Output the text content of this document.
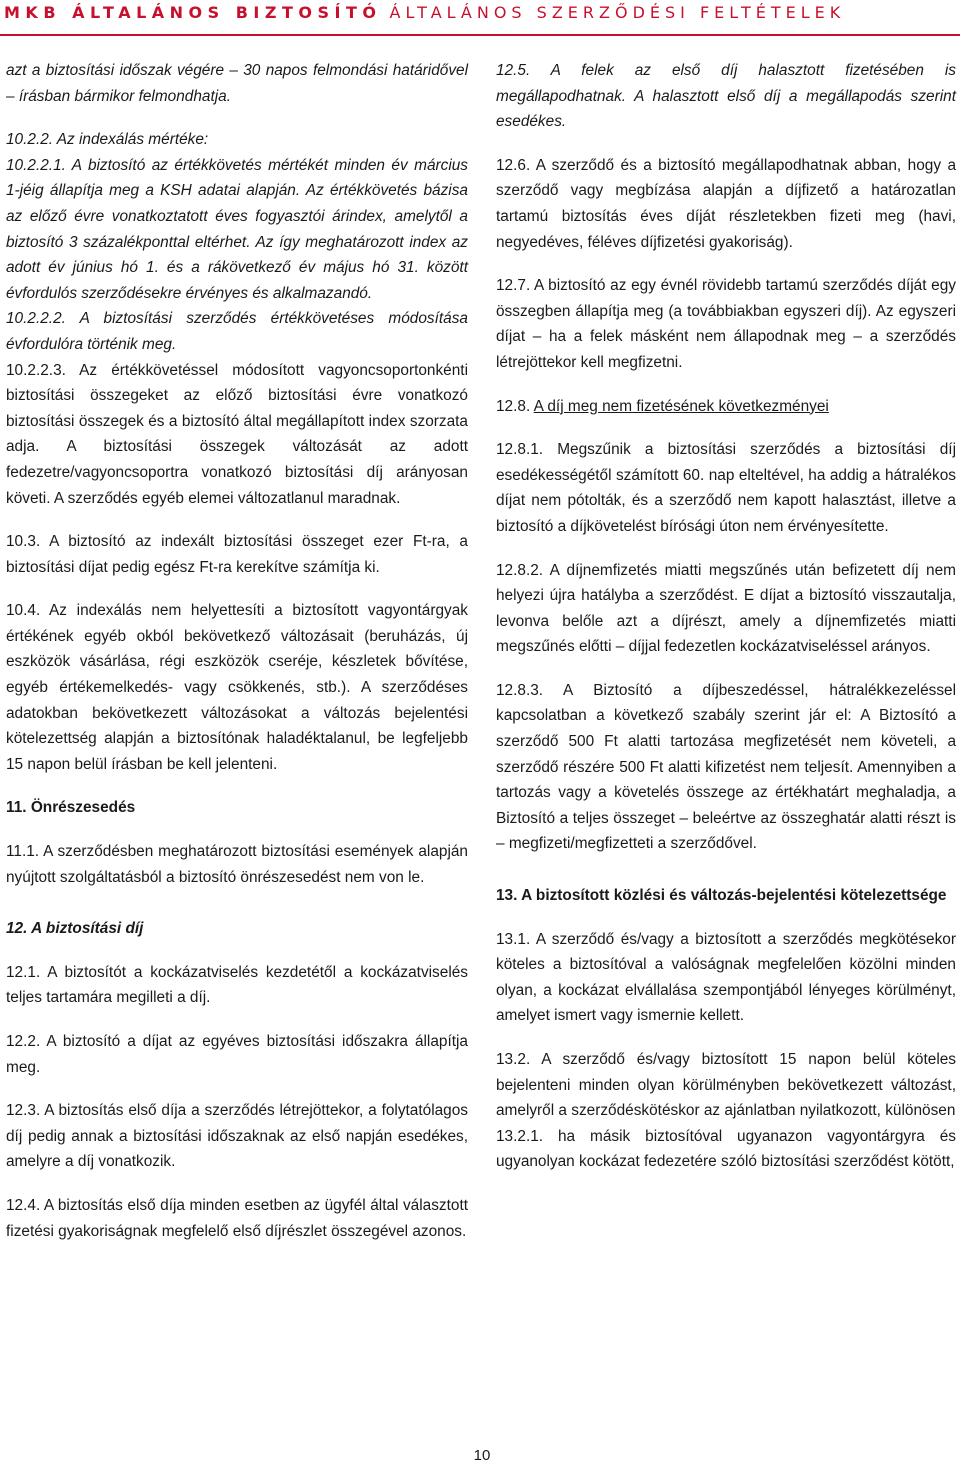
MKB ÁLTALÁNOS BIZTOSÍTÓ ÁLTALÁNOS SZERZŐDÉSI FELTÉTELEK

azt a biztosítási időszak végére – 30 napos felmondási határidővel – írásban bármikor felmondhatja.

10.2.2. Az indexálás mértéke:

10.2.2.1. A biztosító az értékkövetés mértékét minden év március 1-jéig állapítja meg a KSH adatai alapján. Az értékkövetés bázisa az előző évre vonatkoztatott éves fogyasztói árindex, amelytől a biztosító 3 százalékponttal eltérhet. Az így meghatározott index az adott év június hó 1. és a rákövetkező év május hó 31. között évfordulós szerződésekre érvényes és alkalmazandó.

10.2.2.2. A biztosítási szerződés értékkövetéses módosítása évfordulóra történik meg.

10.2.2.3. Az értékkövetéssel módosított vagyoncsoportonkénti biztosítási összegeket az előző biztosítási évre vonatkozó biztosítási összegek és a biztosító által megállapított index szorzata adja. A biztosítási összegek változását az adott fedezetre/vagyoncsoportra vonatkozó biztosítási díj arányosan követi. A szerződés egyéb elemei változatlanul maradnak.

10.3. A biztosító az indexált biztosítási összeget ezer Ft-ra, a biztosítási díjat pedig egész Ft-ra kerekítve számítja ki.

10.4. Az indexálás nem helyettesíti a biztosított vagyontárgyak értékének egyéb okból bekövetkező változásait (beruházás, új eszközök vásárlása, régi eszközök cseréje, készletek bővítése, egyéb értékemelkedés- vagy csökkenés, stb.). A szerződéses adatokban bekövetkezett változásokat a változás bejelentési kötelezettség alapján a biztosítónak haladéktalanul, be legfeljebb 15 napon belül írásban be kell jelenteni.

11. Önrészesedés

11.1. A szerződésben meghatározott biztosítási események alapján nyújtott szolgáltatásból a biztosító önrészesedést nem von le.

12. A biztosítási díj

12.1. A biztosítót a kockázatviselés kezdetétől a kockázatviselés teljes tartamára megilleti a díj.

12.2. A biztosító a díjat az egyéves biztosítási időszakra állapítja meg.

12.3. A biztosítás első díja a szerződés létrejöttekor, a folytatólagos díj pedig annak a biztosítási időszaknak az első napján esedékes, amelyre a díj vonatkozik.

12.4. A biztosítás első díja minden esetben az ügyfél által választott fizetési gyakoriságnak megfelelő első díjrészlet összegével azonos.

12.5. A felek az első díj halasztott fizetésében is megállapodhatnak. A halasztott első díj a megállapodás szerint esedékes.

12.6. A szerződő és a biztosító megállapodhatnak abban, hogy a szerződő vagy megbízása alapján a díjfizető a határozatlan tartamú biztosítás éves díját részletekben fizeti meg (havi, negyedéves, féléves díjfizetési gyakoriság).

12.7. A biztosító az egy évnél rövidebb tartamú szerződés díját egy összegben állapítja meg (a továbbiakban egyszeri díj). Az egyszeri díjat – ha a felek másként nem állapodnak meg – a szerződés létrejöttekor kell megfizetni.

12.8. A díj meg nem fizetésének következményei

12.8.1. Megszűnik a biztosítási szerződés a biztosítási díj esedékességétől számított 60. nap elteltével, ha addig a hátralékos díjat nem pótolták, és a szerződő nem kapott halasztást, illetve a biztosító a díjkövetelést bírósági úton nem érvényesítette.

12.8.2. A díjnemfizetés miatti megszűnés után befizetett díj nem helyezi újra hatályba a szerződést. E díjat a biztosító visszautalja, levonva belőle azt a díjrészt, amely a díjnemfizetés miatti megszűnés előtti – díjjal fedezetlen kockázatviseléssel arányos.

12.8.3. A Biztosító a díjbeszedéssel, hátralékkezeléssel kapcsolatban a következő szabály szerint jár el: A Biztosító a szerződő 500 Ft alatti tartozása megfizetését nem követeli, a szerződő részére 500 Ft alatti kifizetést nem teljesít. Amennyiben a tartozás vagy a követelés összege az értékhatárt meghaladja, a Biztosító a teljes összeget – beleértve az összeghatár alatti részt is – megfizeti/megfizetteti a szerződővel.

13. A biztosított közlési és változás-bejelentési kötelezettsége

13.1. A szerződő és/vagy a biztosított a szerződés megkötésekor köteles a biztosítóval a valóságnak megfelelően közölni minden olyan, a kockázat elvállalása szempontjából lényeges körülményt, amelyet ismert vagy ismernie kellett.

13.2. A szerződő és/vagy biztosított 15 napon belül köteles bejelenteni minden olyan körülményben bekövetkezett változást, amelyről a szerződéskötéskor az ajánlatban nyilatkozott, különösen

13.2.1. ha másik biztosítóval ugyanazon vagyontárgyra és ugyanolyan kockázat fedezetére szóló biztosítási szerződést kötött,

10
